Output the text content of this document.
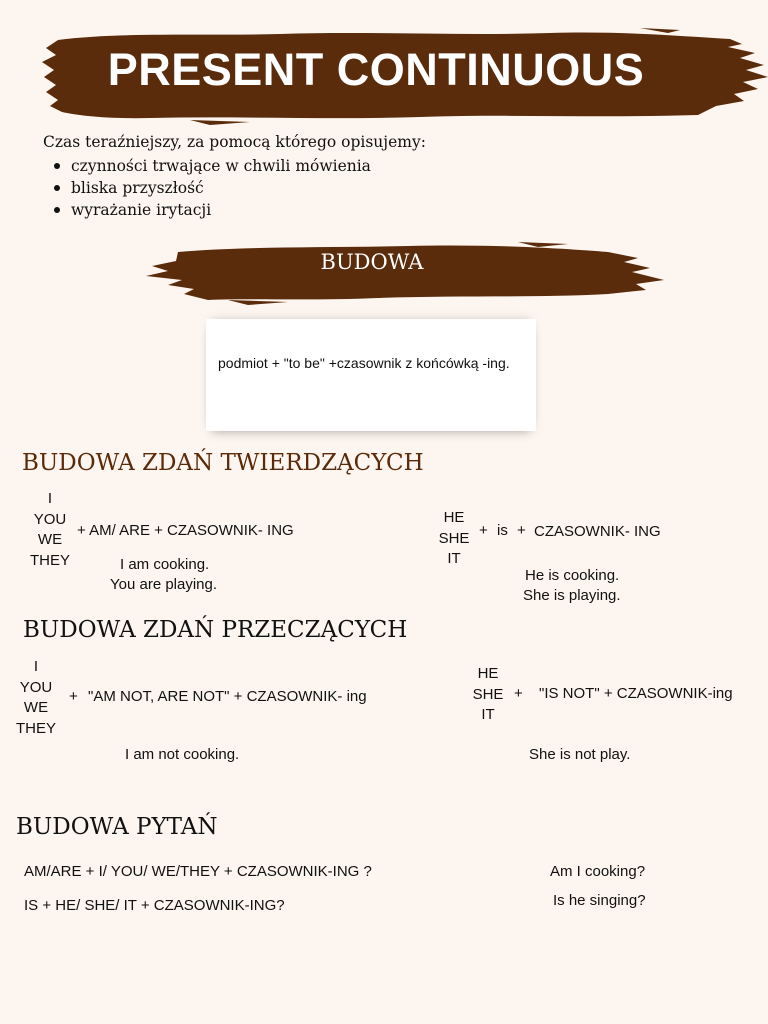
PRESENT CONTINUOUS
Czas teraźniejszy, za pomocą którego opisujemy:
czynności trwające w chwili mówienia
bliska przyszłość
wyrażanie irytacji
BUDOWA
podmiot + "to be" +czasownik z końcówką -ing.
BUDOWA ZDAŃ TWIERDZĄCYCH
I
YOU
WE
THEY
+ AM/ ARE + CZASOWNIK- ING
I am cooking.
You are playing.
HE
SHE
IT
+ is + CZASOWNIK- ING
He is cooking.
She is playing.
BUDOWA ZDAŃ PRZECZĄCYCH
I
YOU
WE
THEY
+ "AM NOT, ARE NOT" + CZASOWNIK- ing
I am not cooking.
HE
SHE
IT
+ "IS NOT" + CZASOWNIK-ing
She is not play.
BUDOWA PYTAŃ
AM/ARE + I/ YOU/ WE/THEY + CZASOWNIK-ING ?
IS + HE/ SHE/ IT + CZASOWNIK-ING?
Am I cooking?
Is he singing?
